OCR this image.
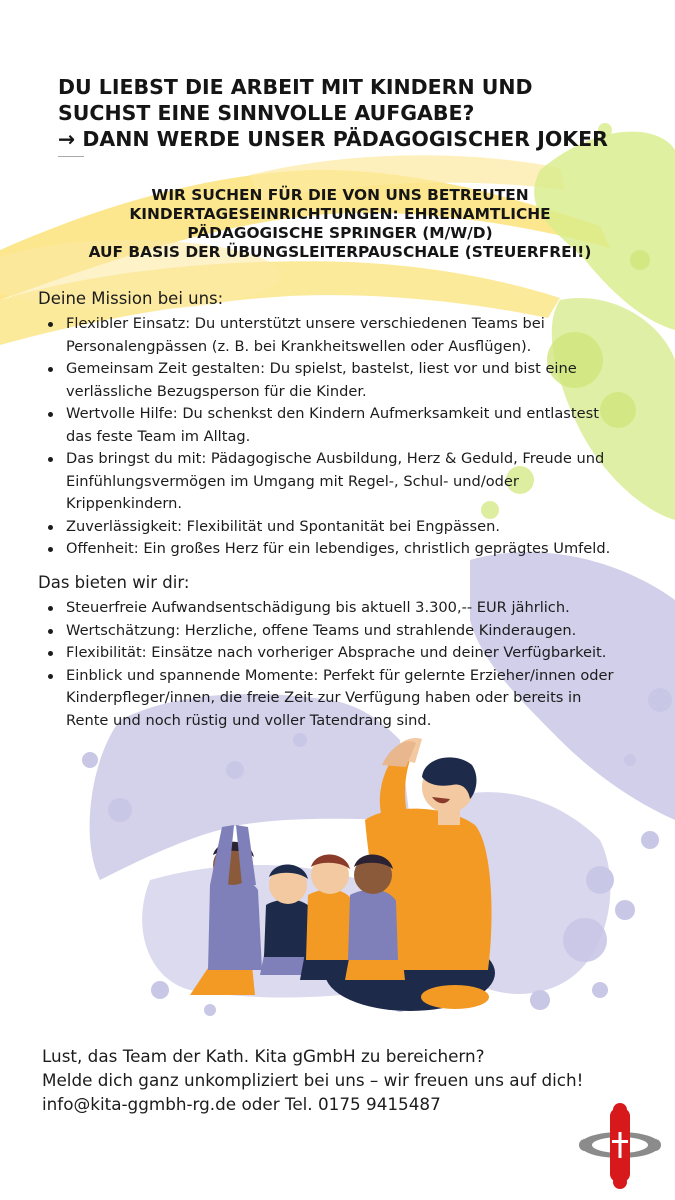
DU LIEBST DIE ARBEIT MIT KINDERN UND
SUCHST EINE SINNVOLLE AUFGABE?
→ DANN WERDE UNSER PÄDAGOGISCHER JOKER
WIR SUCHEN FÜR DIE VON UNS BETREUTEN
KINDERTAGESEINRICHTUNGEN: EHRENAMTLICHE
PÄDAGOGISCHE SPRINGER (M/W/D)
AUF BASIS DER ÜBUNGSLEITERPAUSCHALE (STEUERFREI!)
Deine Mission bei uns:
Flexibler Einsatz: Du unterstützt unsere verschiedenen Teams bei
Personalengpässen (z. B. bei Krankheitswellen oder Ausflügen).
Gemeinsam Zeit gestalten: Du spielst, bastelst, liest vor und bist eine
verlässliche Bezugsperson für die Kinder.
Wertvolle Hilfe: Du schenkst den Kindern Aufmerksamkeit und entlastest
das feste Team im Alltag.
Das bringst du mit: Pädagogische Ausbildung, Herz & Geduld, Freude und
Einfühlungsvermögen im Umgang mit Regel-, Schul- und/oder
Krippenkindern.
Zuverlässigkeit: Flexibilität und Spontanität bei Engpässen.
Offenheit: Ein großes Herz für ein lebendiges, christlich geprägtes Umfeld.
Das bieten wir dir:
Steuerfreie Aufwandsentschädigung bis aktuell 3.300,-- EUR jährlich.
Wertschätzung: Herzliche, offene Teams und strahlende Kinderaugen.
Flexibilität: Einsätze nach vorheriger Absprache und deiner Verfügbarkeit.
Einblick und spannende Momente: Perfekt für gelernte Erzieher/innen oder
Kinderpfleger/innen, die freie Zeit zur Verfügung haben oder bereits in
Rente und noch rüstig und voller Tatendrang sind.
Lust, das Team der Kath. Kita gGmbH zu bereichern?
Melde dich ganz unkompliziert bei uns – wir freuen uns auf dich!
info@kita-ggmbh-rg.de oder Tel. 0175 9415487
